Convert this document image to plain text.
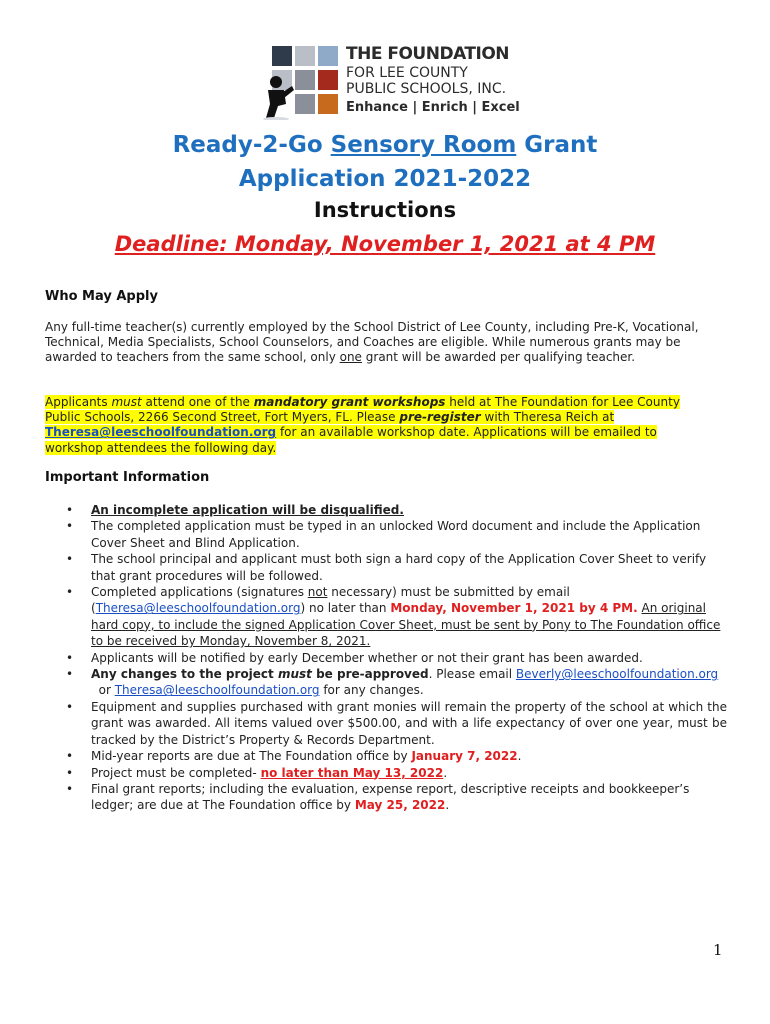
THE FOUNDATION
FOR LEE COUNTY
PUBLIC SCHOOLS, INC.
Enhance | Enrich | Excel
Ready-2-Go Sensory Room Grant
Application 2021-2022
Instructions
Deadline: Monday, November 1, 2021 at 4 PM
Who May Apply
Any full-time teacher(s) currently employed by the School District of Lee County, including Pre-K, Vocational, Technical, Media Specialists, School Counselors, and Coaches are eligible. While numerous grants may be awarded to teachers from the same school, only one grant will be awarded per qualifying teacher.
Applicants must attend one of the mandatory grant workshops held at The Foundation for Lee County Public Schools, 2266 Second Street, Fort Myers, FL. Please pre-register with Theresa Reich at Theresa@leeschoolfoundation.org for an available workshop date. Applications will be emailed to workshop attendees the following day.
Important Information
• An incomplete application will be disqualified.
• The completed application must be typed in an unlocked Word document and include the Application Cover Sheet and Blind Application.
• The school principal and applicant must both sign a hard copy of the Application Cover Sheet to verify that grant procedures will be followed.
• Completed applications (signatures not necessary) must be submitted by email (Theresa@leeschoolfoundation.org) no later than Monday, November 1, 2021 by 4 PM. An original hard copy, to include the signed Application Cover Sheet, must be sent by Pony to The Foundation office to be received by Monday, November 8, 2021.
• Applicants will be notified by early December whether or not their grant has been awarded.
• Any changes to the project must be pre-approved. Please email Beverly@leeschoolfoundation.org  or Theresa@leeschoolfoundation.org for any changes.
• Equipment and supplies purchased with grant monies will remain the property of the school at which the grant was awarded. All items valued over $500.00, and with a life expectancy of over one year, must be tracked by the District’s Property & Records Department.
• Mid-year reports are due at The Foundation office by January 7, 2022.
• Project must be completed- no later than May 13, 2022.
• Final grant reports; including the evaluation, expense report, descriptive receipts and bookkeeper’s ledger; are due at The Foundation office by May 25, 2022.
1
